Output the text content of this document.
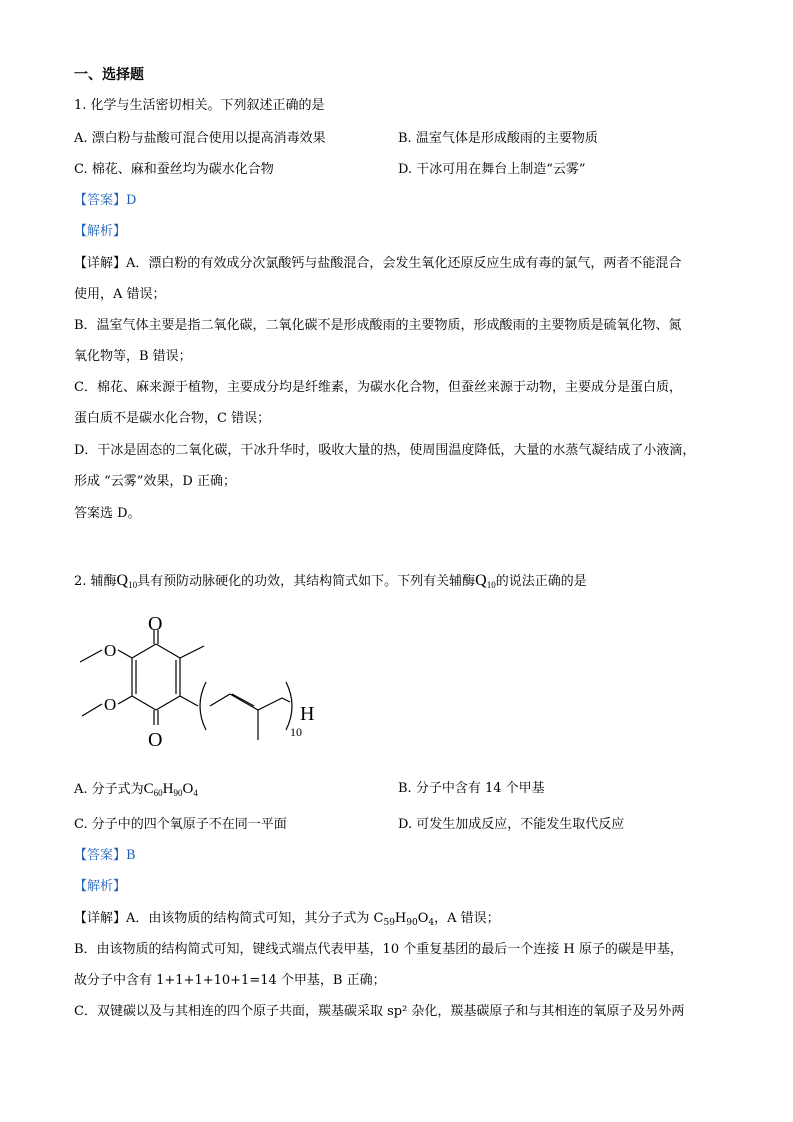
一、选择题
1. 化学与生活密切相关。下列叙述正确的是
A. 漂白粉与盐酸可混合使用以提高消毒效果	B. 温室气体是形成酸雨的主要物质
C. 棉花、麻和蚕丝均为碳水化合物	D. 干冰可用在舞台上制造“云雾”
【答案】D
【解析】
【详解】A．漂白粉的有效成分次氯酸钙与盐酸混合，会发生氧化还原反应生成有毒的氯气，两者不能混合
使用，A 错误；
B．温室气体主要是指二氧化碳，二氧化碳不是形成酸雨的主要物质，形成酸雨的主要物质是硫氧化物、氮
氧化物等，B 错误；
C．棉花、麻来源于植物，主要成分均是纤维素，为碳水化合物，但蚕丝来源于动物，主要成分是蛋白质，
蛋白质不是碳水化合物，C 错误；
D．干冰是固态的二氧化碳，干冰升华时，吸收大量的热，使周围温度降低，大量的水蒸气凝结成了小液滴，
形成 “云雾”效果，D 正确；
答案选 D。
2. 辅酶$Q_{10}$具有预防动脉硬化的功效，其结构简式如下。下列有关辅酶$Q_{10}$的说法正确的是
O
O
O
O	H
10
A. 分子式为$C_{60}H_{90}O_4$	B. 分子中含有 14 个甲基
C. 分子中的四个氧原子不在同一平面	D. 可发生加成反应，不能发生取代反应
【答案】B
【解析】
【详解】A．由该物质的结构简式可知，其分子式为 $C_{59}H_{90}O_4$，A 错误；
B．由该物质的结构简式可知，键线式端点代表甲基，10 个重复基团的最后一个连接 H 原子的碳是甲基，
故分子中含有 1+1+1+10+1=14 个甲基，B 正确；
C．双键碳以及与其相连的四个原子共面，羰基碳采取 sp² 杂化，羰基碳原子和与其相连的氧原子及另外两
